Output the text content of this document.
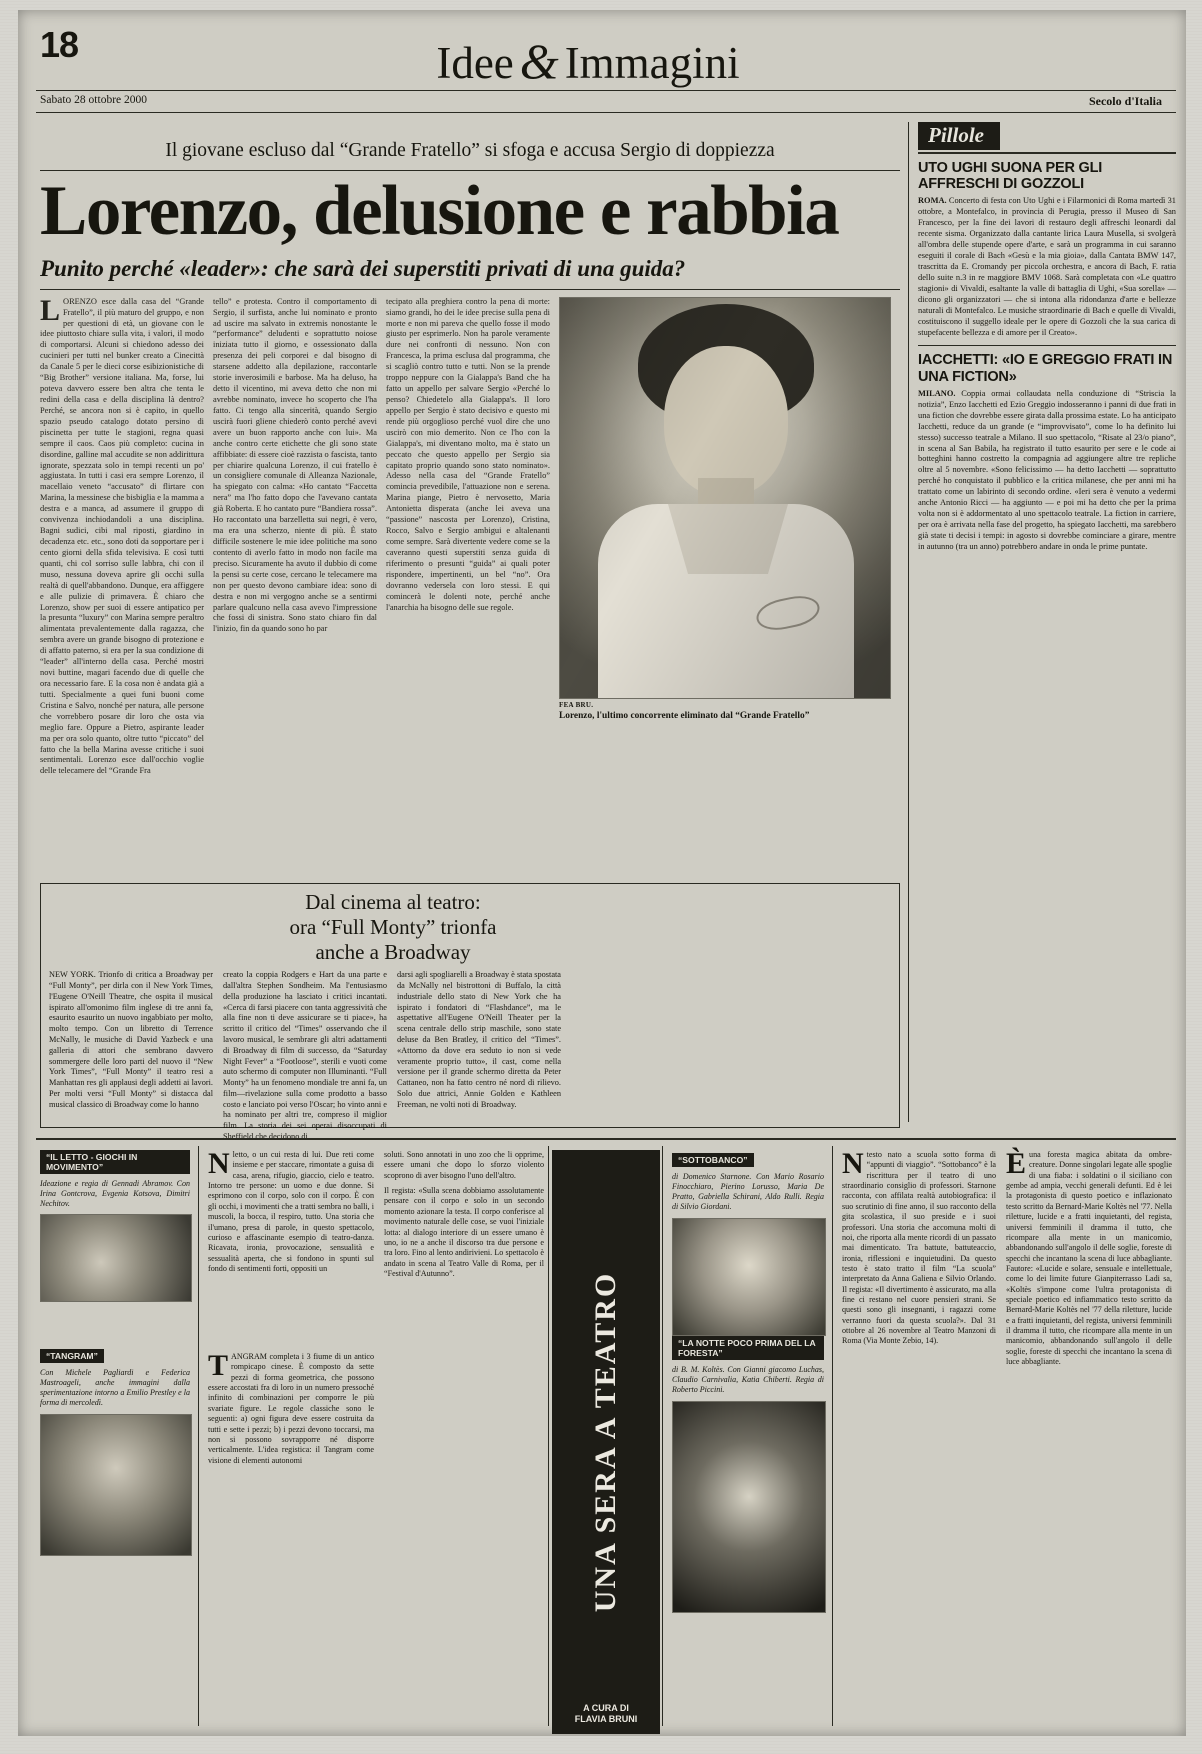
18	Idee & Immagini
Sabato 28 ottobre 2000	Secolo d'Italia
Il giovane escluso dal “Grande Fratello” si sfoga e accusa Sergio di doppiezza
Lorenzo, delusione e rabbia
Punito perché «leader»: che sarà dei superstiti privati di una guida?
LORENZO esce dalla casa del “Grande Fratello”, il più maturo del gruppo, e non per questioni di età, un giovane con le idee piuttosto chiare sulla vita, i valori, il modo di comportarsi. Alcuni si chiedono adesso dei cucinieri per tutti nel bunker creato a Cinecittà da Canale 5 per le dieci corse esibizionistiche di “Big Brother” versione italiana. Ma, forse, lui poteva davvero essere ben altra che tenta le redini della casa e della disciplina là dentro? Perché, se ancora non si è capito, in quello spazio pseudo catalogo dotato persino di piscinetta per tutte le stagioni, regna quasi sempre il caos. Caos più completo: cucina in disordine, galline mal accudite se non addirittura ignorate, spezzata solo in tempi recenti un po' aggiustata. In tutti i casi era sempre Lorenzo, il macellaio veneto “accusato” di flirtare con Marina, la messinese che bisbiglia e la mamma a destra e a manca, ad assumere il gruppo di convivenza inchiodandoli a una disciplina. Bagni sudici, cibi mal riposti, giardino in decadenza etc. etc., sono doti da sopportare per i cento giorni della sfida televisiva. E così tutti quanti, chi col sorriso sulle labbra, chi con il muso, nessuna doveva aprire gli occhi sulla realtà di quell'abbandono. Dunque, era affiggere e alle pulizie di primavera. È chiaro che Lorenzo, show per suoi di essere antipatico per la presunta “luxury” con Marina sempre peraltro alimentata prevalentemente dalla ragazza, che sembra avere un grande bisogno di protezione e di affatto paterno, si era per la sua condizione di “leader” all'interno della casa. Perché mostri novi buttine, magari facendo due di quelle che ora necessario fare. E la cosa non è andata già a tutti. Specialmente a quei funi buoni come Cristina e Salvo, nonché per natura, alle persone che vorrebbero posare dir loro che osta via meglio fare. Oppure a Pietro, aspirante leader ma per ora solo quanto, oltre tutto “piccato” del fatto che la bella Marina avesse critiche i suoi sentimentali. Lorenzo esce dall'occhio voglie delle telecamere del “Grande Fra
tello” e protesta. Contro il comportamento di Sergio, il surfista, anche lui nominato e pronto ad uscire ma salvato in extremis nonostante le “performance” deludenti e soprattutto noiose iniziata tutto il giorno, e ossessionato dalla presenza dei peli corporei e dal bisogno di starsene addetto alla depilazione, raccontarle storie inverosimili e barbose. Ma ha deluso, ha detto il vicentino, mi aveva detto che non mi avrebbe nominato, invece ho scoperto che l'ha fatto. Ci tengo alla sincerità, quando Sergio uscirà fuori gliene chiederò conto perché avevi avere un buon rapporto anche con lui». Ma anche contro certe etichette che gli sono state affibbiate: di essere cioè razzista o fascista, tanto per chiarire qualcuna Lorenzo, il cui fratello è un consigliere comunale di Alleanza Nazionale, ha spiegato con calma: «Ho cantato “Faccetta nera” ma l'ho fatto dopo che l'avevano cantata già Roberta. E ho cantato pure “Bandiera rossa”. Ho raccontato una barzelletta sui negri, è vero, ma era una scherzo, niente di più. È stato difficile sostenere le mie idee politiche ma sono contento di averlo fatto in modo non facile ma preciso. Sicuramente ha avuto il dubbio di come la pensi su certe cose, cercano le telecamere ma non per questo devono cambiare idea: sono di destra e non mi vergogno anche se a sentirmi parlare qualcuno nella casa avevo l'impressione che fossi di sinistra. Sono stato chiaro fin dal l'inizio, fin da quando sono ho par
tecipato alla preghiera contro la pena di morte: siamo grandi, ho dei le idee precise sulla pena di morte e non mi pareva che quello fosse il modo giusto per esprimerlo. Non ha parole veramente dure nei confronti di nessuno. Non con Francesca, la prima esclusa dal programma, che si scagliò contro tutto e tutti. Non se la prende troppo neppure con la Gialappa's Band che ha fatto un appello per salvare Sergio «Perché lo penso? Chiedetelo alla Gialappa's. Il loro appello per Sergio è stato decisivo e questo mi rende più orgoglioso perché vuol dire che uno uscirò con mio demerito. Non ce l'ho con la Gialappa's, mi diventano molto, ma è stato un peccato che questo appello per Sergio sia capitato proprio quando sono stato nominato». Adesso nella casa del “Grande Fratello” comincia prevedibile, l'attuazione non e serena. Marina piange, Pietro è nervosetto, Maria Antonietta disperata (anche lei aveva una “passione” nascosta per Lorenzo), Cristina, Rocco, Salvo e Sergio ambigui e altalenanti come sempre. Sarà divertente vedere come se la caveranno questi superstiti senza guida di riferimento o presunti “guida” ai quali poter rispondere, impertinenti, un bel “no”. Ora dovranno vedersela con loro stessi. E qui comincerà le dolenti note, perché anche l'anarchia ha bisogno delle sue regole.
FEA BRU.
Lorenzo, l'ultimo concorrente eliminato dal “Grande Fratello”
Dal cinema al teatro:
ora “Full Monty” trionfa
anche a Broadway
NEW YORK. Trionfo di critica a Broadway per “Full Monty”, per dirla con il New York Times, l'Eugene O'Neill Theatre, che ospita il musical ispirato all'omonimo film inglese di tre anni fa, esaurito esaurito un nuovo ingabbiato per molto, molto tempo. Con un libretto di Terrence McNally, le musiche di David Yazbeck e una galleria di attori che sembrano davvero sommergere delle loro parti del nuovo il “New York Times”, “Full Monty” il teatro resi a Manhattan res gli applausi degli addetti ai lavori. Per molti versi “Full Monty” si distacca dal musical classico di Broadway come lo hanno
creato la coppia Rodgers e Hart da una parte e dall'altra Stephen Sondheim. Ma l'entusiasmo della produzione ha lasciato i critici incantati. «Cerca di farsi piacere con tanta aggressività che alla fine non ti deve assicurare se ti piace», ha scritto il critico del “Times” osservando che il lavoro musical, le sembrare gli altri adattamenti di Broadway di film di successo, da “Saturday Night Fever” a “Footloose”, sterili e vuoti come auto schermo di computer non Illuminanti. “Full Monty” ha un fenomeno mondiale tre anni fa, un film—rivelazione sulla come prodotto a basso costo e lanciato poi verso l'Oscar; ho vinto anni e ha nominato per altri tre, compreso il miglior film. La storia dei sei operai disoccupati di Sheffield che decidono di
darsi agli spogliarelli a Broadway è stata spostata da McNally nel bistrottoni di Buffalo, la città industriale dello stato di New York che ha ispirato i fondatori di “Flashdance”, ma le aspettative all'Eugene O'Neill Theater per la scena centrale dello strip maschile, sono state deluse da Ben Bratley, il critico del “Times”. «Attorno da dove era seduto io non si vede veramente proprio tutto», il cast, come nella versione per il grande schermo diretta da Peter Cattaneo, non ha fatto centro né nord di rilievo. Solo due attrici, Annie Golden e Kathleen Freeman, ne volti noti di Broadway.
Pillole
UTO UGHI SUONA PER GLI AFFRESCHI DI GOZZOLI
ROMA. Concerto di festa con Uto Ughi e i Filarmonici di Roma martedì 31 ottobre, a Montefalco, in provincia di Perugia, presso il Museo di San Francesco, per la fine dei lavori di restauro degli affreschi leonardi dal recente sisma. Organizzato dalla cantante lirica Laura Musella, si svolgerà all'ombra delle stupende opere d'arte, e sarà un programma in cui saranno eseguiti il corale di Bach «Gesù e la mia gioia», dalla Cantata BMW 147, trascritta da E. Cromandy per piccola orchestra, e ancora di Bach, F. ratia dello suite n.3 in re maggiore BMV 1068. Sarà completata con «Le quattro stagioni» di Vivaldi, esaltante la valle di battaglia di Ughi, «Sua sorella» — dicono gli organizzatori — che si intona alla ridondanza d'arte e bellezze naturali di Montefalco. Le musiche straordinarie di Bach e quelle di Vivaldi, costituiscono il suggello ideale per le opere di Gozzoli che la sua carica di stupefacente bellezza e di amore per il Creato».
IACCHETTI: «IO E GREGGIO FRATI IN UNA FICTION»
MILANO. Coppia ormai collaudata nella conduzione di “Striscia la notizia”, Enzo Iacchetti ed Ezio Greggio indosseranno i panni di due frati in una fiction che dovrebbe essere girata dalla prossima estate. Lo ha anticipato Iacchetti, reduce da un grande (e “improvvisato”, come lo ha definito lui stesso) successo teatrale a Milano. Il suo spettacolo, “Risate al 23/o piano”, in scena al San Babila, ha registrato il tutto esaurito per sere e le code ai botteghini hanno costretto la compagnia ad aggiungere altre tre repliche oltre al 5 novembre. «Sono felicissimo — ha detto Iacchetti — soprattutto perché ho conquistato il pubblico e la critica milanese, che per anni mi ha trattato come un labirinto di secondo ordine. «Ieri sera è venuto a vedermi anche Antonio Ricci — ha aggiunto — e poi mi ha detto che per la prima volta non si è addormentato al uno spettacolo teatrale. La fiction in carriere, per ora è arrivata nella fase del progetto, ha spiegato Iacchetti, ma sarebbero già state ti decisi i tempi: in agosto si dovrebbe cominciare a girare, mentre in autunno (tra un anno) potrebbero andare in onda le prime puntate.
“IL LETTO - GIOCHI IN MOVIMENTO”
Ideazione e regia di Gennadi Abramov. Con Irina Gontcrova, Evgenia Kotsova, Dimitri Nechitov.
“TANGRAM”
Con Michele Pagliardi e Federica Mastroageli, anche immagini dalla sperimentazione intorno a Emilio Prestley e la forma di mercoledì.
Nletto, o un cui resta di lui. Due reti come insieme e per staccare, rimontate a guisa di casa, arena, rifugio, giaccio, cielo e teatro. Intorno tre persone: un uomo e due donne. Si esprimono con il corpo, solo con il corpo. È con gli occhi, i movimenti che a tratti sembra no balli, i muscoli, la bocca, il respiro, tutto. Una storia che il'umano, presa di parole, in questo spettacolo, curioso e affascinante esempio di teatro-danza. Ricavata, ironia, provocazione, sensualità e sessualità aperta, che si fondono in spunti sul fondo di sentimenti forti, oppositi un
TANGRAM completa i 3 fiume di un antico rompicapo cinese. È composto da sette pezzi di forma geometrica, che possono essere accostati fra di loro in un numero pressoché infinito di combinazioni per comporre le più svariate figure. Le regole classiche sono le seguenti: a) ogni figura deve essere costruita da tutti e sette i pezzi; b) i pezzi devono toccarsi, ma non si possono sovrapporre né disporre verticalmente. L'idea registica: il Tangram come visione di elementi autonomi
soluti. Sono annotati in uno zoo che li opprime, essere umani che dopo lo sforzo violento scoprono di aver bisogno l'uno dell'altro.
Il regista: «Sulla scena dobbiamo assolutamente pensare con il corpo e solo in un secondo momento azionare la testa. Il corpo conferisce al movimento naturale delle cose, se vuoi l'iniziale lotta: al dialogo interiore di un essere umano è uno, io ne a anche il discorso tra due persone e tra loro. Fino al lento andirivieni. Lo spettacolo è andato in scena al Teatro Valle di Roma, per il “Festival d'Autunno”.	UNA SERA A TEATRO
A CURA DI
FLAVIA BRUNI
“SOTTOBANCO”
di Domenico Starnone. Con Mario Rosario Finocchiaro, Pierino Lorusso, Maria De Pratto, Gabriella Schirani, Aldo Rulli. Regia di Silvio Giordani.
“LA NOTTE POCO PRIMA DEL LA FORESTA”
di B. M. Koltès. Con Gianni giacomo Luchas, Claudio Carnivalia, Katia Chiberti. Regia di Roberto Piccini.
Ntesto nato a scuola sotto forma di “appunti di viaggio”. “Sottobanco” è la riscrittura per il teatro di uno straordinario consiglio di professori. Starnone racconta, con affilata realtà autobiografica: il suo scrutinio di fine anno, il suo racconto della gita scolastica, il suo preside e i suoi professori. Una storia che accomuna molti di noi, che riporta alla mente ricordi di un passato mai dimenticato. Tra battute, battuteaccio, ironia, riflessioni e inquietudini. Da questo testo è stato tratto il film “La scuola” interpretato da Anna Galiena e Silvio Orlando. Il regista: «Il divertimento è assicurato, ma alla fine ci restano nel cuore pensieri strani. Se questi sono gli insegnanti, i ragazzi come verranno fuori da questa scuola?». Dal 31 ottobre al 26 novembre al Teatro Manzoni di Roma (Via Monte Zebio, 14).
Èuna foresta magica abitata da ombre-creature. Donne singolari legate alle spoglie di una fiaba: i soldatini o il siciliano con gembe ad ampia, vecchi generali defunti. Ed è lei la protagonista di questo poetico e inflazionato testo scritto da Bernard-Marie Koltès nel '77. Nella riletture, lucide e a fratti inquietanti, del regista, universi femminili il dramma il tutto, che ricompare alla mente in un manicomio, abbandonando sull'angolo il delle soglie, foreste di specchi che incantano la scena di luce abbagliante. Fautore: «Lucide e solare, sensuale e intellettuale, come lo dei limite future Gianpiterrasso Ladi sa, «Koltès s'impone come l'ultra protagonista di speciale poetico ed infiammatico testo scritto da Bernard-Marie Koltès nel '77 della riletture, lucide e a fratti inquietanti, del regista, universi femminili il dramma il tutto, che ricompare alla mente in un manicomio, abbandonando sull'angolo il delle soglie, foreste di specchi che incantano la scena di luce abbagliante.
